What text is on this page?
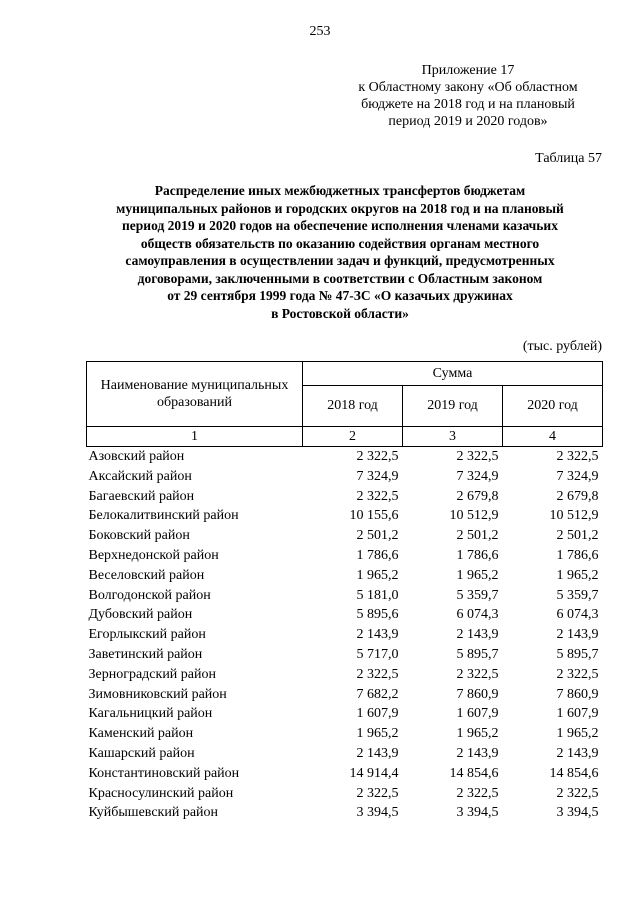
253
Приложение 17
к Областному закону «Об областном
бюджете на 2018 год и на плановый
период 2019 и 2020 годов»
Таблица 57
Распределение иных межбюджетных трансфертов бюджетам
муниципальных районов и городских округов на 2018 год и на плановый
период 2019 и 2020 годов на обеспечение исполнения членами казачьих
обществ обязательств по оказанию содействия органам местного
самоуправления в осуществлении задач и функций, предусмотренных
договорами, заключенными в соответствии с Областным законом
от 29 сентября 1999 года № 47-ЗС «О казачьих дружинах
в Ростовской области»
(тыс. рублей)
Наименование муниципальных
образований	Сумма		
	2018 год	2019 год	2020 год
1	2	3	4
Азовский район	2 322,5	2 322,5	2 322,5
Аксайский район	7 324,9	7 324,9	7 324,9
Багаевский район	2 322,5	2 679,8	2 679,8
Белокалитвинский район	10 155,6	10 512,9	10 512,9
Боковский район	2 501,2	2 501,2	2 501,2
Верхнедонской район	1 786,6	1 786,6	1 786,6
Веселовский район	1 965,2	1 965,2	1 965,2
Волгодонской район	5 181,0	5 359,7	5 359,7
Дубовский район	5 895,6	6 074,3	6 074,3
Егорлыкский район	2 143,9	2 143,9	2 143,9
Заветинский район	5 717,0	5 895,7	5 895,7
Зерноградский район	2 322,5	2 322,5	2 322,5
Зимовниковский район	7 682,2	7 860,9	7 860,9
Кагальницкий район	1 607,9	1 607,9	1 607,9
Каменский район	1 965,2	1 965,2	1 965,2
Кашарский район	2 143,9	2 143,9	2 143,9
Константиновский район	14 914,4	14 854,6	14 854,6
Красносулинский район	2 322,5	2 322,5	2 322,5
Куйбышевский район	3 394,5	3 394,5	3 394,5
